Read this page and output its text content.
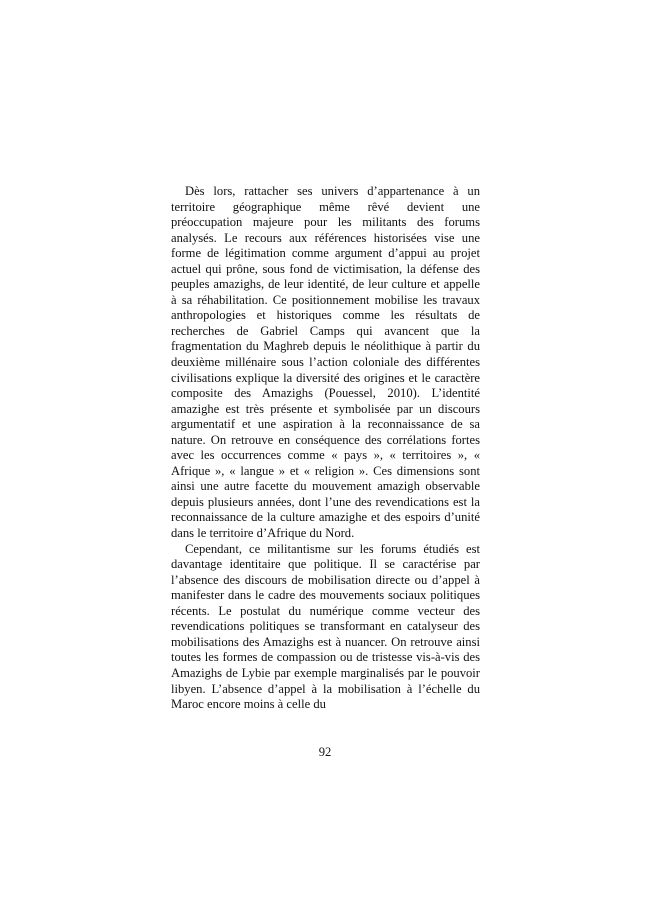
Dès lors, rattacher ses univers d’appartenance à un territoire géographique même rêvé devient une préoccupation majeure pour les militants des forums analysés. Le recours aux références historisées vise une forme de légitimation comme argument d’appui au projet actuel qui prône, sous fond de victimisation, la défense des peuples amazighs, de leur identité, de leur culture et appelle à sa réhabilitation. Ce positionnement mobilise les travaux anthropologies et historiques comme les résultats de recherches de Gabriel Camps qui avancent que la fragmentation du Maghreb depuis le néolithique à partir du deuxième millénaire sous l’action coloniale des différentes civilisations explique la diversité des origines et le caractère composite des Amazighs (Pouessel, 2010). L’identité amazighe est très présente et symbolisée par un discours argumentatif et une aspiration à la reconnaissance de sa nature. On retrouve en conséquence des corrélations fortes avec les occurrences comme « pays », « territoires », « Afrique », « langue » et « religion ». Ces dimensions sont ainsi une autre facette du mouvement amazigh observable depuis plusieurs années, dont l’une des revendications est la reconnaissance de la culture amazighe et des espoirs d’unité dans le territoire d’Afrique du Nord.

Cependant, ce militantisme sur les forums étudiés est davantage identitaire que politique. Il se caractérise par l’absence des discours de mobilisation directe ou d’appel à manifester dans le cadre des mouvements sociaux politiques récents. Le postulat du numérique comme vecteur des revendications politiques se transformant en catalyseur des mobilisations des Amazighs est à nuancer. On retrouve ainsi toutes les formes de compassion ou de tristesse vis-à-vis des Amazighs de Lybie par exemple marginalisés par le pouvoir libyen. L’absence d’appel à la mobilisation à l’échelle du Maroc encore moins à celle du

92
